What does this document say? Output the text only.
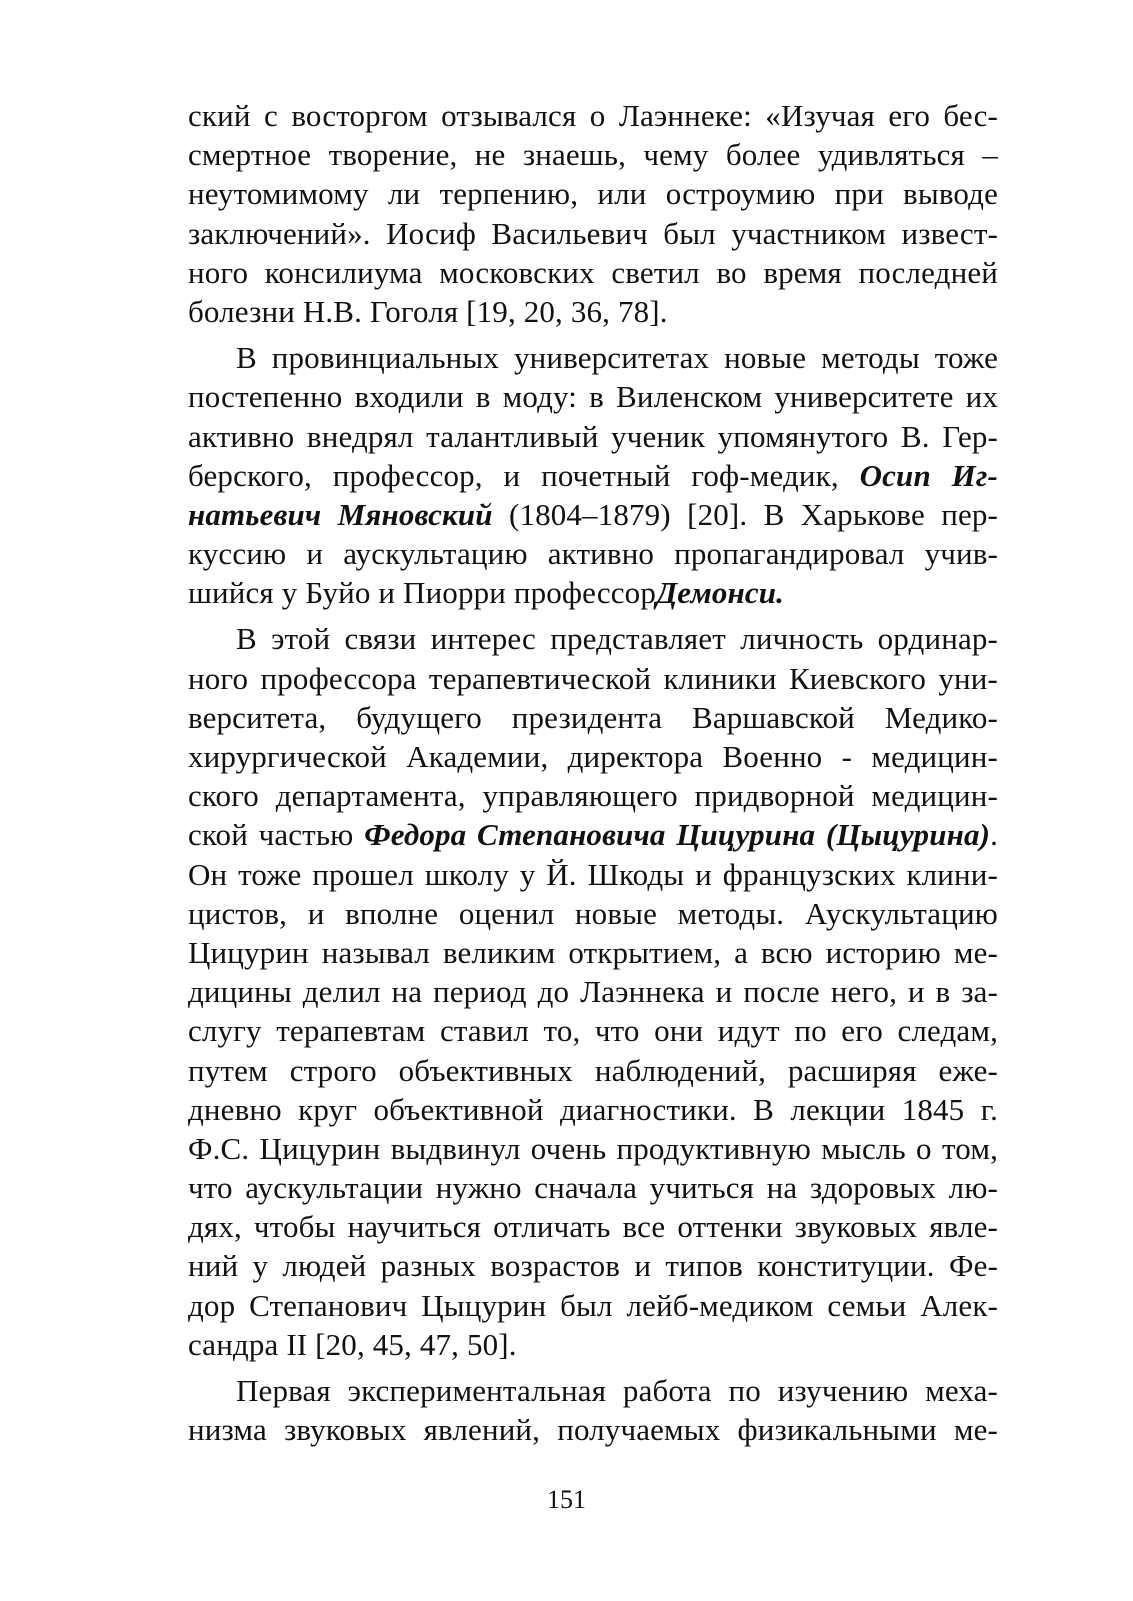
ский с восторгом отзывался о Лаэннеке: «Изучая его бес-
смертное творение, не знаешь, чему более удивляться –
неутомимому ли терпению, или остроумию при выводе
заключений». Иосиф Васильевич был участником извест-
ного консилиума московских светил во время последней
болезни Н.В. Гоголя [19, 20, 36, 78].
В провинциальных университетах новые методы тоже
постепенно входили в моду: в Виленском университете их
активно внедрял талантливый ученик упомянутого В. Гер-
берского, профессор, и почетный гоф-медик, Осип Иг-
натьевич Мяновский (1804–1879) [20]. В Харькове пер-
куссию и аускультацию активно пропагандировал учив-
шийся у Буйо и Пиорри профессорДемонси.
В этой связи интерес представляет личность ординар-
ного профессора терапевтической клиники Киевского уни-
верситета, будущего президента Варшавской Медико-
хирургической Академии, директора Военно - медицин-
ского департамента, управляющего придворной медицин-
ской частью Федора Степановича Цицурина (Цыцурина).
Он тоже прошел школу у Й. Шкоды и французских клини-
цистов, и вполне оценил новые методы. Аускультацию
Цицурин называл великим открытием, а всю историю ме-
дицины делил на период до Лаэннека и после него, и в за-
слугу терапевтам ставил то, что они идут по его следам,
путем строго объективных наблюдений, расширяя еже-
дневно круг объективной диагностики. В лекции 1845 г.
Ф.С. Цицурин выдвинул очень продуктивную мысль о том,
что аускультации нужно сначала учиться на здоровых лю-
дях, чтобы научиться отличать все оттенки звуковых явле-
ний у людей разных возрастов и типов конституции. Фе-
дор Степанович Цыцурин был лейб-медиком семьи Алек-
сандра II [20, 45, 47, 50].
Первая экспериментальная работа по изучению меха-
низма звуковых явлений, получаемых физикальными ме-
151
